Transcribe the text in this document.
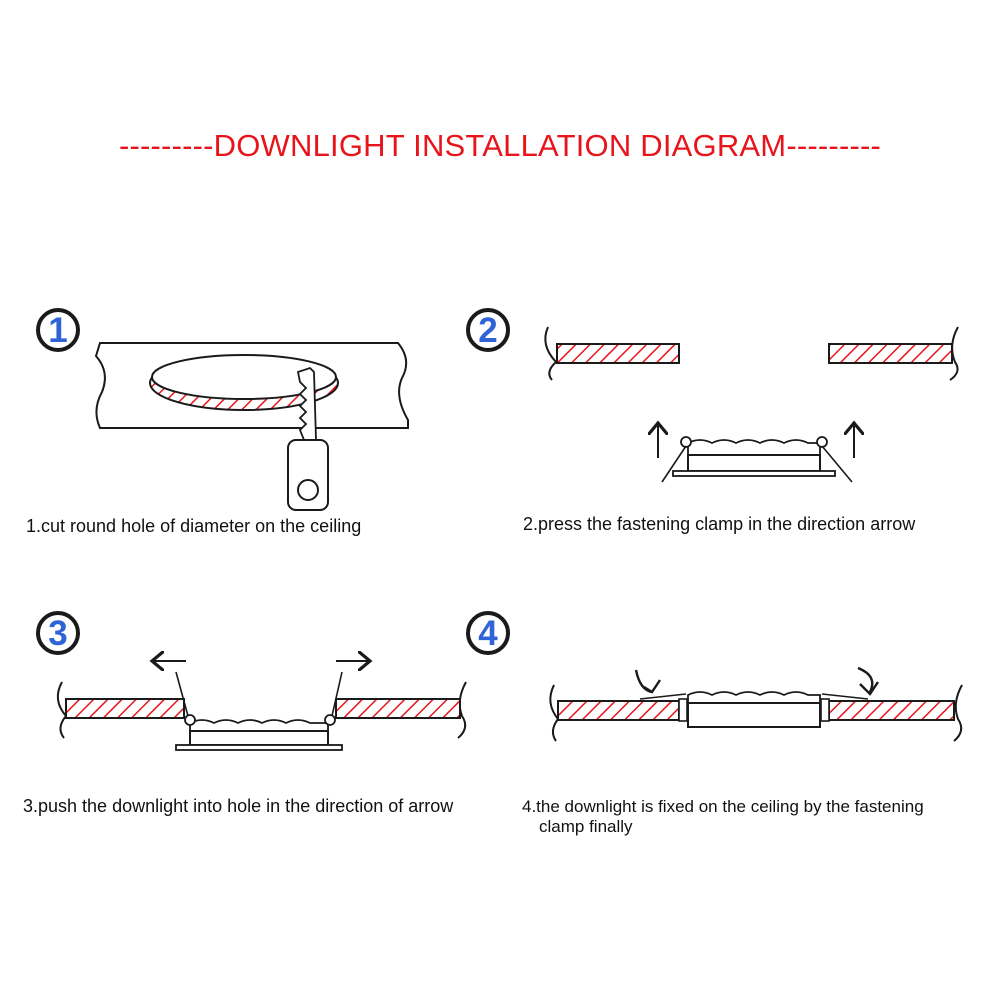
---------DOWNLIGHT INSTALLATION DIAGRAM---------
1	2
3	4
1.cut round hole of diameter on the ceiling	2.press the fastening clamp in the direction arrow
3.push the downlight into hole in the direction of arrow	4.the downlight is fixed on the ceiling by the fastening
clamp finally
